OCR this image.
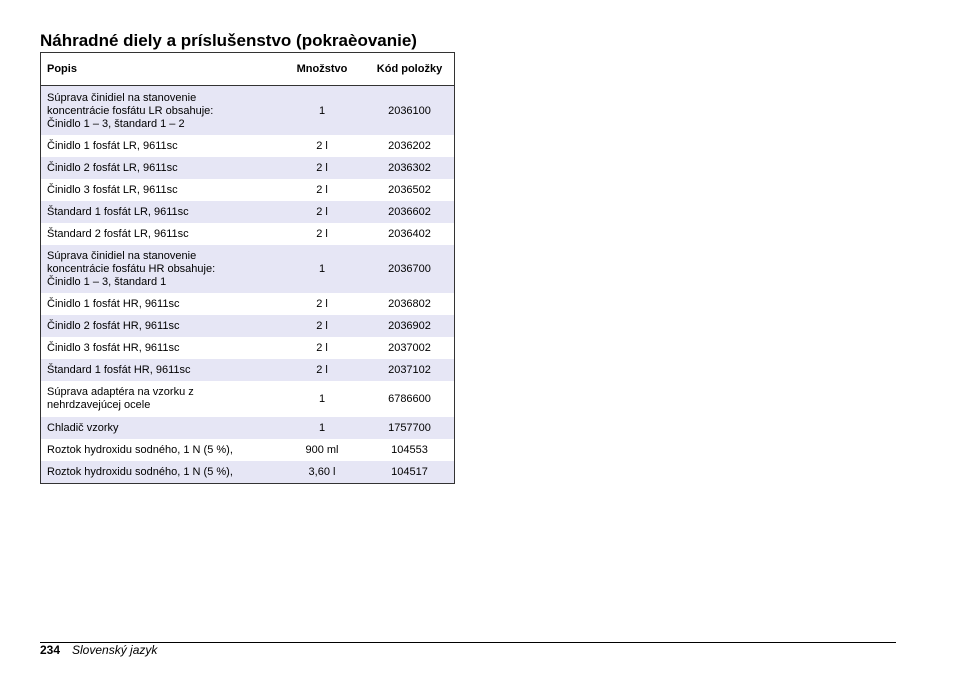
Náhradné diely a príslušenstvo (pokraèovanie)
Popis	Množstvo	Kód položky
Súprava činidiel na stanovenie
koncentrácie fosfátu LR obsahuje:
Činidlo 1 – 3, štandard 1 – 2	1	2036100
Činidlo 1 fosfát LR, 9611sc	2 l	2036202
Činidlo 2 fosfát LR, 9611sc	2 l	2036302
Činidlo 3 fosfát LR, 9611sc	2 l	2036502
Štandard 1 fosfát LR, 9611sc	2 l	2036602
Štandard 2 fosfát LR, 9611sc	2 l	2036402
Súprava činidiel na stanovenie
koncentrácie fosfátu HR obsahuje:
Činidlo 1 – 3, štandard 1	1	2036700
Činidlo 1 fosfát HR, 9611sc	2 l	2036802
Činidlo 2 fosfát HR, 9611sc	2 l	2036902
Činidlo 3 fosfát HR, 9611sc	2 l	2037002
Štandard 1 fosfát HR, 9611sc	2 l	2037102
Súprava adaptéra na vzorku z
nehrdzavejúcej ocele	1	6786600
Chladič vzorky	1	1757700
Roztok hydroxidu sodného, 1 N (5 %),	900 ml	104553
Roztok hydroxidu sodného, 1 N (5 %),	3,60 l	104517
234 Slovenský jazyk
